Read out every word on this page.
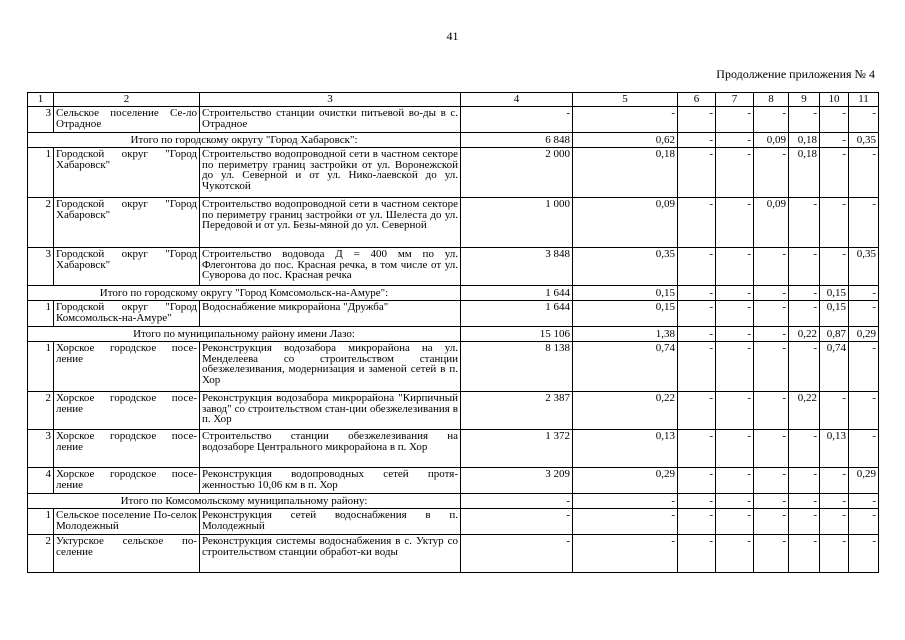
41
Продолжение приложения № 4
1	2	3	4	5	6	7	8	9	10	11
3	Сельское поселение Се-ло Отрадное	Строительство станции очистки питьевой во-ды в с. Отрадное	-	-	-	-	-	-	-	-
Итого по городскому округу "Город Хабаровск":			6 848	0,62	-	-	0,09	0,18	-	0,35
1	Городской округ "Город Хабаровск"	Строительство водопроводной сети в частном секторе по периметру границ застройки от ул. Воронежской до ул. Северной и от ул. Нико-лаевской до ул. Чукотской	2 000	0,18	-	-	-	0,18	-	-
2	Городской округ "Город Хабаровск"	Строительство водопроводной сети в частном секторе по периметру границ застройки от ул. Шелеста до ул. Передовой и от ул. Безы-мяной до ул. Северной	1 000	0,09	-	-	0,09	-	-	-
3	Городской округ "Город Хабаровск"	Строительство водовода Д = 400 мм по ул. Флегонтова до пос. Красная речка, в том числе от ул. Суворова до пос. Красная речка	3 848	0,35	-	-	-	-	-	0,35
Итого по городскому округу "Город Комсомольск-на-Амуре":			1 644	0,15	-	-	-	-	0,15	-
1	Городской округ "Город Комсомольск-на-Амуре"	Водоснабжение микрорайона "Дружба"	1 644	0,15	-	-	-	-	0,15	-
Итого по муниципальному району имени Лазо:			15 106	1,38	-	-	-	0,22	0,87	0,29
1	Хорское городское посе-ление	Реконструкция водозабора микрорайона на ул. Менделеева со строительством станции обезжелезивания, модернизация и заменой сетей в п. Хор	8 138	0,74	-	-	-	-	0,74	-
2	Хорское городское посе-ление	Реконструкция водозабора микрорайона "Кирпичный завод" со строительством стан-ции обезжелезивания в п. Хор	2 387	0,22	-	-	-	0,22	-	-
3	Хорское городское посе-ление	Строительство станции обезжелезивания на водозаборе Центрального микрорайона в п. Хор	1 372	0,13	-	-	-	-	0,13	-
4	Хорское городское посе-ление	Реконструкция водопроводных сетей протя-женностью 10,06 км в п. Хор	3 209	0,29	-	-	-	-	-	0,29
Итого по Комсомольскому муниципальному району:			-	-	-	-	-	-	-	-
1	Сельское поселение По-селок Молодежный	Реконструкция сетей водоснабжения в п. Молодежный	-	-	-	-	-	-	-	-
2	Уктурское сельское по-селение	Реконструкция системы водоснабжения в с. Уктур со строительством станции обработ-ки воды	-	-	-	-	-	-	-	-
